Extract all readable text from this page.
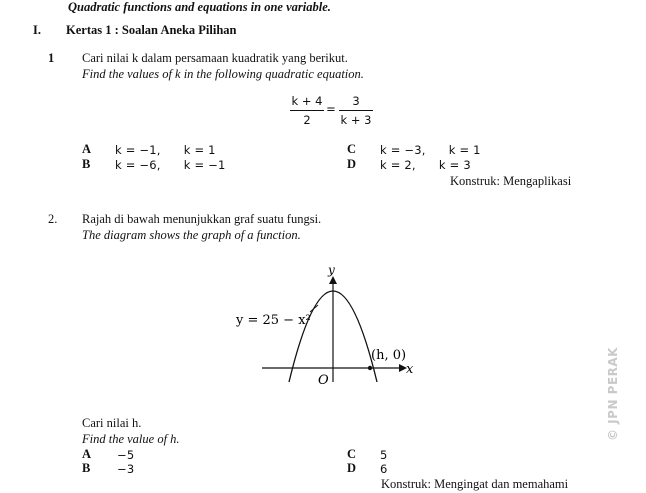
Quadratic functions and equations in one variable.
I. Kertas 1 : Soalan Aneka Pilihan
1 Cari nilai k dalam persamaan kuadratik yang berikut.
Find the values of k in the following quadratic equation.
k + 4
2
=
3
k + 3
A k = −1,      k = 1
B k = −6,      k = −1
C k = −3,      k = 1
D k = 2,      k = 3
Konstruk: Mengaplikasi
2. Rajah di bawah menunjukkan graf suatu fungsi.
The diagram shows the graph of a function.
y
x
y = 25 − x²
(h, 0)
O
Cari nilai h.
Find the value of h.
A −5
B −3
C 5
D 6
Konstruk: Mengingat dan memahami
© JPN PERAK
